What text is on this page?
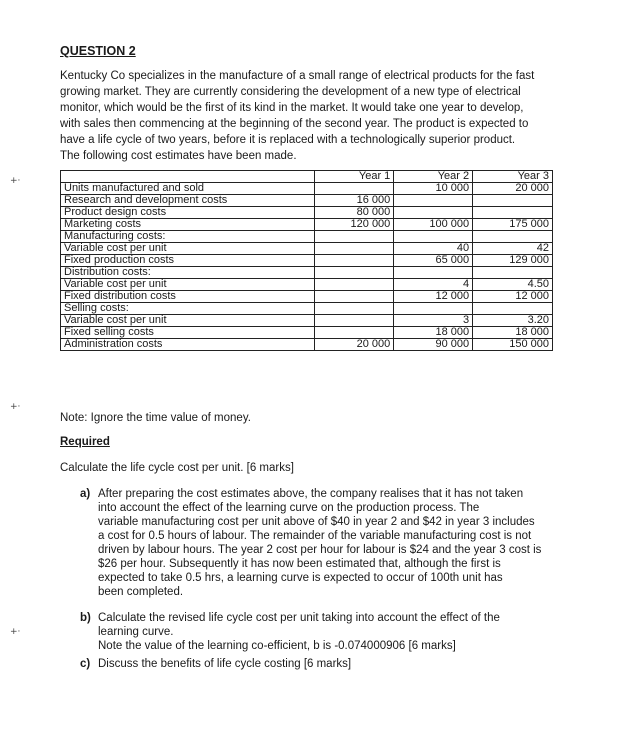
QUESTION 2

Kentucky Co specializes in the manufacture of a small range of electrical products for the fast

growing market. They are currently considering the development of a new type of electrical

monitor, which would be the first of its kind in the market. It would take one year to develop,

with sales then commencing at the beginning of the second year. The product is expected to

have a life cycle of two years, before it is replaced with a technologically superior product.

The following cost estimates have been made.

+·
+·
+·
	Year 1	Year 2	Year 3
Units manufactured and sold		10 000	20 000
Research and development costs	16 000		
Product design costs	80 000		
Marketing costs	120 000	100 000	175 000
Manufacturing costs:			
Variable cost per unit		40	42
Fixed production costs		65 000	129 000
Distribution costs:			
Variable cost per unit		4	4.50
Fixed distribution costs		12 000	12 000
Selling costs:			
Variable cost per unit		3	3.20
Fixed selling costs		18 000	18 000
Administration costs	20 000	90 000	150 000
Note: Ignore the time value of money.
Required
Calculate the life cycle cost per unit. [6 marks]
a) After preparing the cost estimates above, the company realises that it has not taken

into account the effect of the learning curve on the production process. The

variable manufacturing cost per unit above of $40 in year 2 and $42 in year 3 includes

a cost for 0.5 hours of labour. The remainder of the variable manufacturing cost is not

driven by labour hours. The year 2 cost per hour for labour is $24 and the year 3 cost is

$26 per hour. Subsequently it has now been estimated that, although the first is

expected to take 0.5 hrs, a learning curve is expected to occur of 100th unit has

been completed.

b) Calculate the revised life cycle cost per unit taking into account the effect of the

learning curve.

Note the value of the learning co-efficient, b is -0.074000906 [6 marks]

c) Discuss the benefits of life cycle costing [6 marks]
